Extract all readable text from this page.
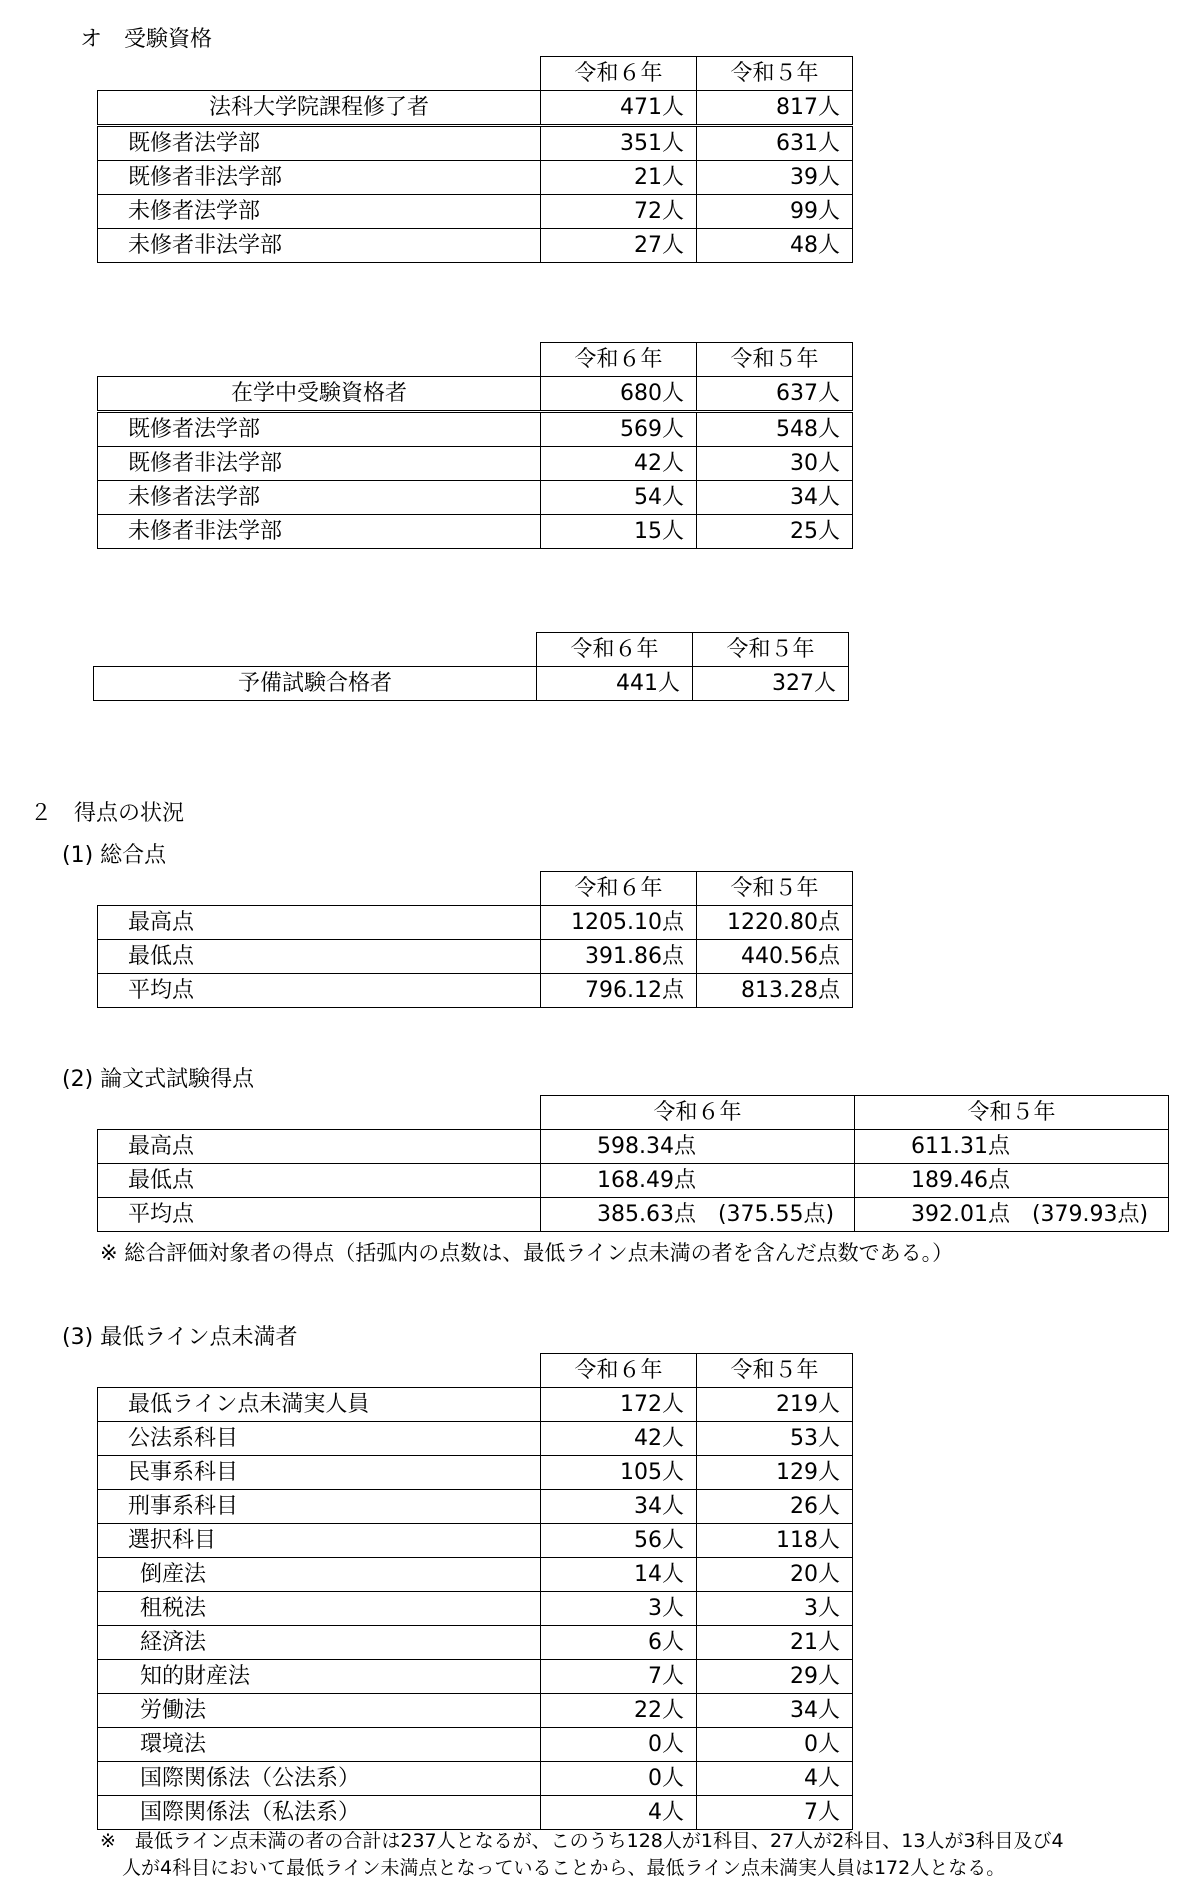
オ　受験資格
	令和６年	令和５年
法科大学院課程修了者	471人	817人
既修者法学部	351人	631人
既修者非法学部	21人	39人
未修者法学部	72人	99人
未修者非法学部	27人	48人
	令和６年	令和５年
在学中受験資格者	680人	637人
既修者法学部	569人	548人
既修者非法学部	42人	30人
未修者法学部	54人	34人
未修者非法学部	15人	25人
	令和６年	令和５年
予備試験合格者	441人	327人
２　得点の状況
(1) 総合点
	令和６年	令和５年
最高点	1205.10点	1220.80点
最低点	391.86点	440.56点
平均点	796.12点	813.28点
(2) 論文式試験得点
	令和６年	令和５年
最高点	598.34点	611.31点
最低点	168.49点	189.46点
平均点	385.63点　(375.55点)	392.01点　(379.93点)
※ 総合評価対象者の得点（括弧内の点数は、最低ライン点未満の者を含んだ点数である。）
(3) 最低ライン点未満者
	令和６年	令和５年
最低ライン点未満実人員	172人	219人
公法系科目	42人	53人
民事系科目	105人	129人
刑事系科目	34人	26人
選択科目	56人	118人
倒産法	14人	20人
租税法	3人	3人
経済法	6人	21人
知的財産法	7人	29人
労働法	22人	34人
環境法	0人	0人
国際関係法（公法系）	0人	4人
国際関係法（私法系）	4人	7人
※　最低ライン点未満の者の合計は237人となるが、このうち128人が1科目、27人が2科目、13人が3科目及び4
人が4科目において最低ライン未満点となっていることから、最低ライン点未満実人員は172人となる。
